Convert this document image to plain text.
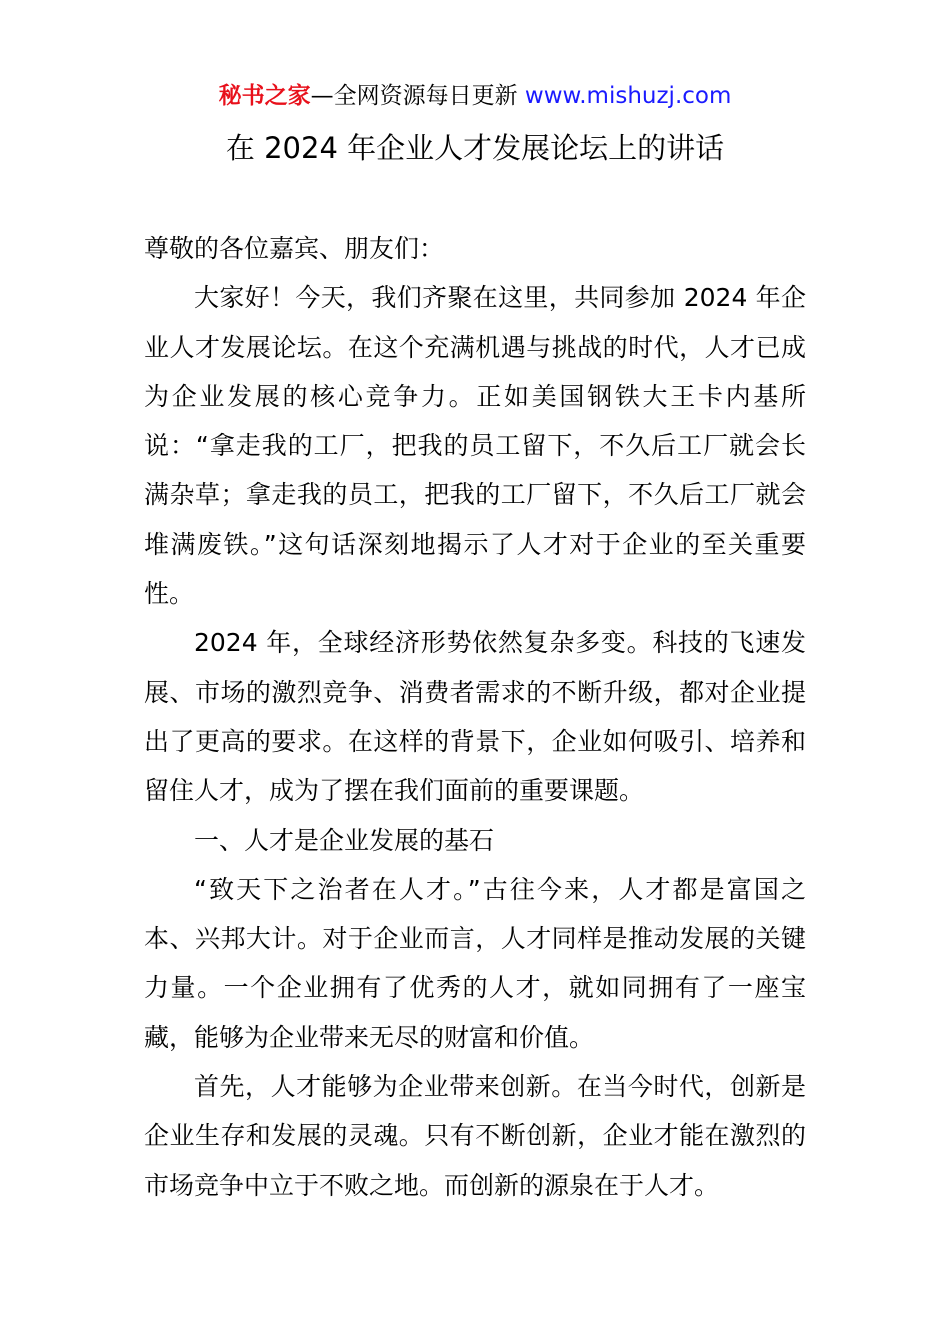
秘书之家—全网资源每日更新 www.mishuzj.com
在 2024 年企业人才发展论坛上的讲话

尊敬的各位嘉宾、朋友们：

大家好！今天，我们齐聚在这里，共同参加 2024 年企业人才发展论坛。在这个充满机遇与挑战的时代，人才已成为企业发展的核心竞争力。正如美国钢铁大王卡内基所说：“拿走我的工厂，把我的员工留下，不久后工厂就会长满杂草；拿走我的员工，把我的工厂留下，不久后工厂就会堆满废铁。”这句话深刻地揭示了人才对于企业的至关重要性。

2024 年，全球经济形势依然复杂多变。科技的飞速发展、市场的激烈竞争、消费者需求的不断升级，都对企业提出了更高的要求。在这样的背景下，企业如何吸引、培养和留住人才，成为了摆在我们面前的重要课题。

一、人才是企业发展的基石

“致天下之治者在人才。”古往今来，人才都是富国之本、兴邦大计。对于企业而言，人才同样是推动发展的关键力量。一个企业拥有了优秀的人才，就如同拥有了一座宝藏，能够为企业带来无尽的财富和价值。

首先，人才能够为企业带来创新。在当今时代，创新是企业生存和发展的灵魂。只有不断创新，企业才能在激烈的市场竞争中立于不败之地。而创新的源泉在于人才。
